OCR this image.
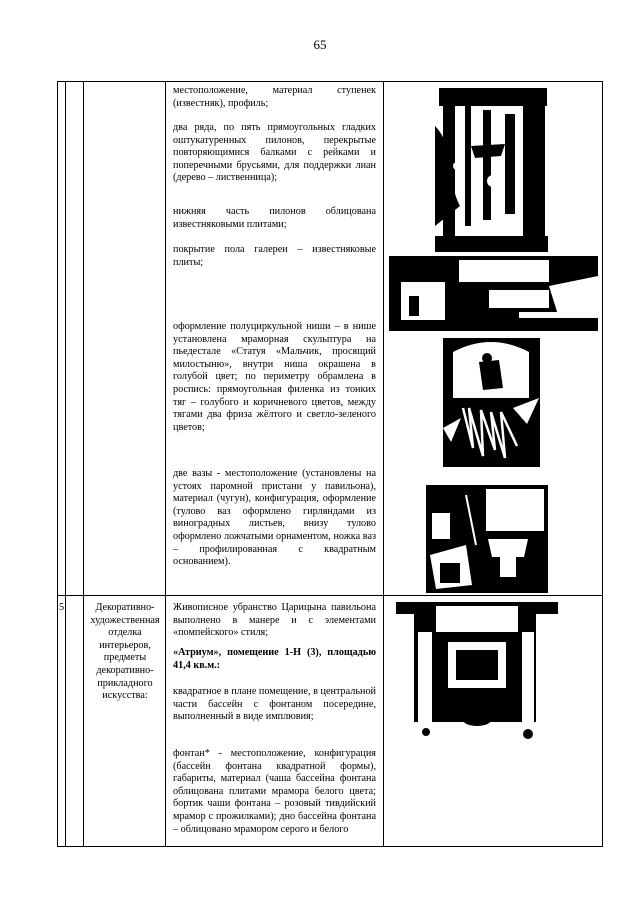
65
местоположение, материал ступенек (известняк), профиль;
два ряда, по пять прямоугольных гладких оштукатуренных пилонов, перекрытые повторяющимися балками с рейками и поперечными брусьями, для поддержки лиан (дерево – лиственница);
нижняя часть пилонов облицована известняковыми плитами;
покрытие пола галереи – известняковые плиты;
оформление полуциркульной ниши – в нише установлена мраморная скульптура на пьедестале «Статуя «Мальчик, просящий милостыню», внутри ниша окрашена в голубой цвет; по периметру обрамлена в роспись: прямоугольная филенка из тонких тяг – голубого и коричневого цветов, между тягами два фриза жёлтого и светло-зеленого цветов;
две вазы - местоположение (установлены на устоях паромной пристани у павильона), материал (чугун), конфигурация, оформление (тулово ваз оформлено гирляндами из виноградных листьев, внизу тулово оформлено ложчатыми орнаментом, ножка ваз – профилированная с квадратным основанием).
5	Декоративно-художественная отделка интерьеров, предметы декоративно-прикладного искусства:
Живописное убранство Царицына павильона выполнено в манере и с элементами «помпейского» стиля;
«Атриум», помещение 1-Н (3), площадью 41,4 кв.м.:
квадратное в плане помещение, в центральной части бассейн с фонтаном посередине, выполненный в виде имплювия;
фонтан* - местоположение, конфигурация (бассейн фонтана квадратной формы), габариты, материал (чаша бассейна фонтана облицована плитами мрамора белого цвета; бортик чаши фонтана – розовый тивдийский мрамор с прожилками); дно бассейна фонтана – облицовано мрамором серого и белого
